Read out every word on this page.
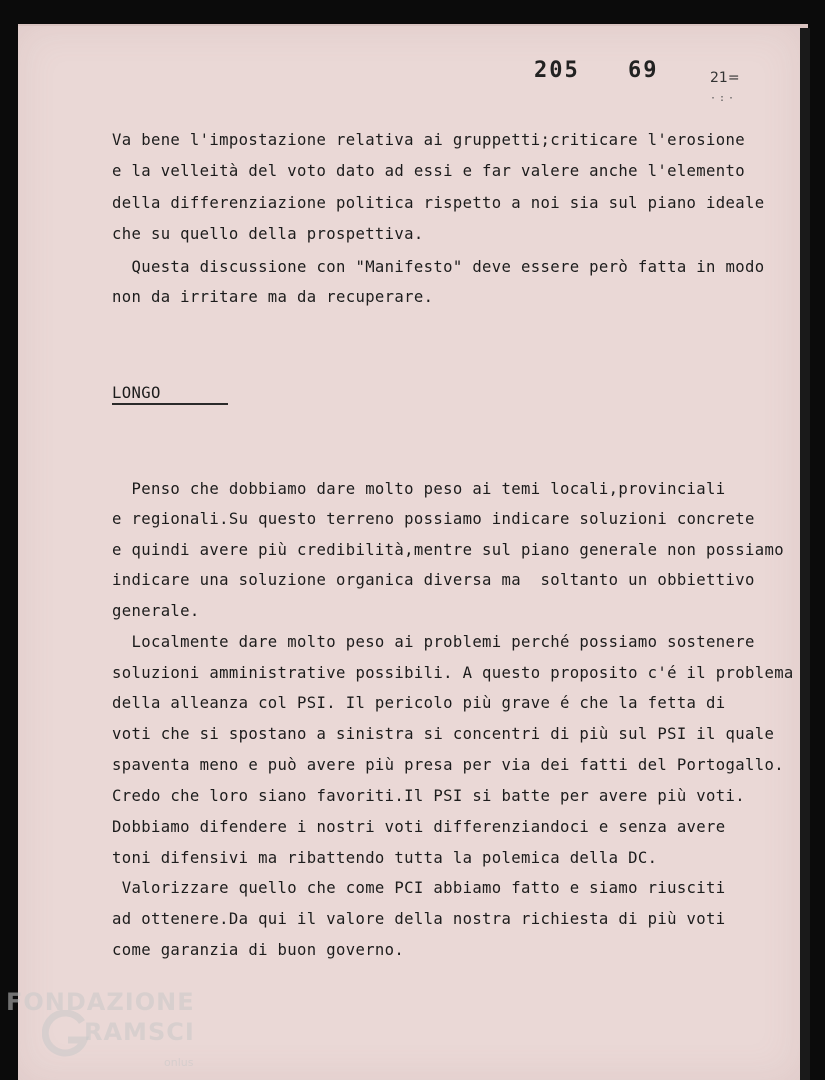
205 69	21=
·:·
Va bene l'impostazione relativa ai gruppetti;criticare l'erosione
e la velleità del voto dato ad essi e far valere anche l'elemento
della differenziazione politica rispetto a noi sia sul piano ideale
che su quello della prospettiva.
Questa discussione con "Manifesto" deve essere però fatta in modo
non da irritare ma da recuperare.
LONGO
Penso che dobbiamo dare molto peso ai temi locali,provinciali
e regionali.Su questo terreno possiamo indicare soluzioni concrete
e quindi avere più credibilità,mentre sul piano generale non possiamo
indicare una soluzione organica diversa ma  soltanto un obbiettivo
generale.
Localmente dare molto peso ai problemi perché possiamo sostenere
soluzioni amministrative possibili. A questo proposito c'é il problema
della alleanza col PSI. Il pericolo più grave é che la fetta di
voti che si spostano a sinistra si concentri di più sul PSI il quale
spaventa meno e può avere più presa per via dei fatti del Portogallo.
Credo che loro siano favoriti.Il PSI si batte per avere più voti.
Dobbiamo difendere i nostri voti differenziandoci e senza avere
toni difensivi ma ribattendo tutta la polemica della DC.
Valorizzare quello che come PCI abbiamo fatto e siamo riusciti
ad ottenere.Da qui il valore della nostra richiesta di più voti
come garanzia di buon governo.
FONDAZIONE
RAMSCI
onlus
